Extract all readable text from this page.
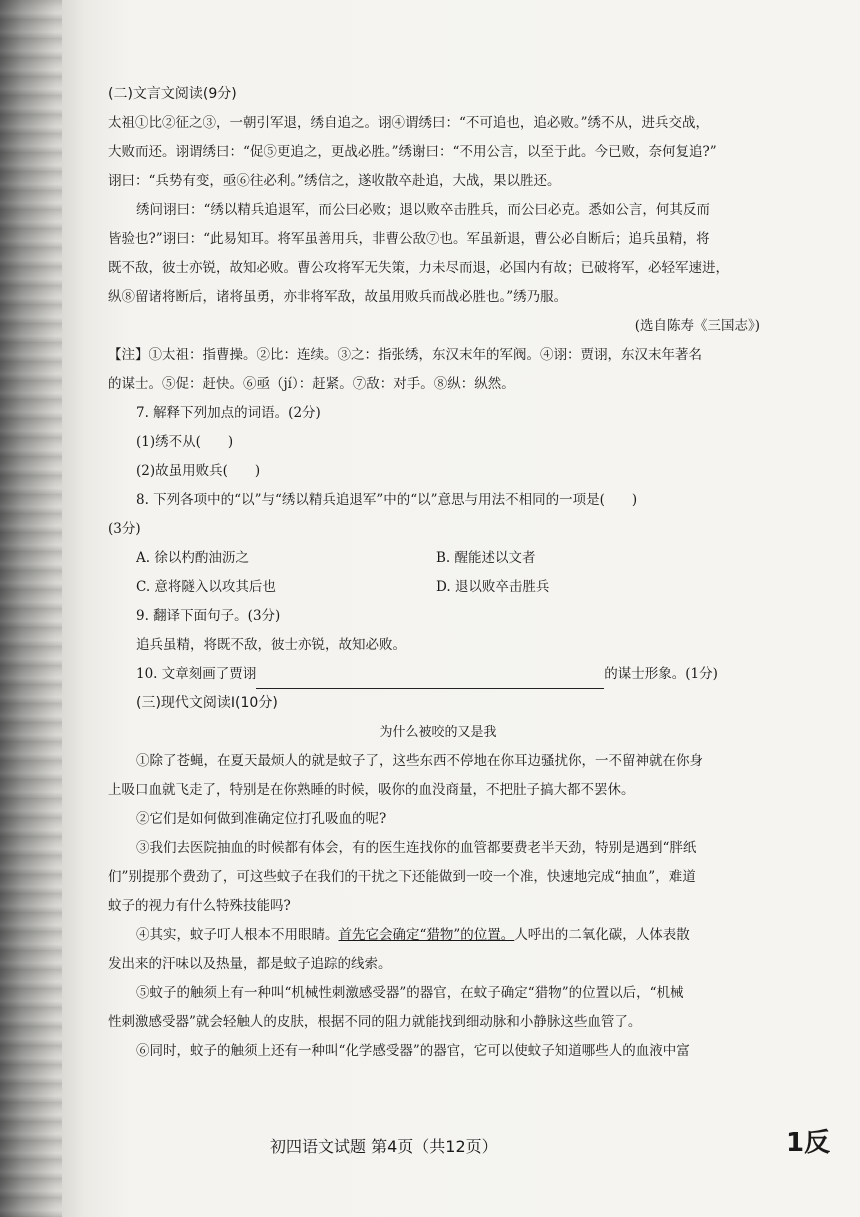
(二)文言文阅读(9分)
太祖①比②征之③，一朝引军退，绣自追之。诩④谓绣曰：“不可追也，追必败。”绣不从，进兵交战，
大败而还。诩谓绣曰：“促⑤更追之，更战必胜。”绣谢曰：“不用公言，以至于此。今已败，奈何复追?”
诩曰：“兵势有变，亟⑥往必利。”绣信之，遂收散卒赴追，大战，果以胜还。
绣问诩曰：“绣以精兵追退军，而公曰必败；退以败卒击胜兵，而公曰必克。悉如公言，何其反而
皆验也?”诩曰：“此易知耳。将军虽善用兵，非曹公敌⑦也。军虽新退，曹公必自断后；追兵虽精，将
既不敌，彼士亦锐，故知必败。曹公攻将军无失策，力未尽而退，必国内有故；已破将军，必轻军速进，
纵⑧留诸将断后，诸将虽勇，亦非将军敌，故虽用败兵而战必胜也。”绣乃服。
(选自陈寿《三国志》)
【注】①太祖：指曹操。②比：连续。③之：指张绣，东汉末年的军阀。④诩：贾诩，东汉末年著名
的谋士。⑤促：赶快。⑥亟（jí）：赶紧。⑦敌：对手。⑧纵：纵然。
7. 解释下列加点的词语。(2分)
(1)绣不从(　　)
(2)故虽用败兵(　　)
8. 下列各项中的“以”与“绣以精兵追退军”中的“以”意思与用法不相同的一项是(　　)
(3分)
A. 徐以杓酌油沥之	B. 醒能述以文者
C. 意将隧入以攻其后也	D. 退以败卒击胜兵
9. 翻译下面句子。(3分)
追兵虽精，将既不敌，彼士亦锐，故知必败。
10. 文章刻画了贾诩	的谋士形象。(1分)
(三)现代文阅读Ⅰ(10分)
为什么被咬的又是我
①除了苍蝇，在夏天最烦人的就是蚊子了，这些东西不停地在你耳边骚扰你，一不留神就在你身
上吸口血就飞走了，特别是在你熟睡的时候，吸你的血没商量，不把肚子搞大都不罢休。
②它们是如何做到准确定位打孔吸血的呢?
③我们去医院抽血的时候都有体会，有的医生连找你的血管都要费老半天劲，特别是遇到“胖纸
们”别提那个费劲了，可这些蚊子在我们的干扰之下还能做到一咬一个准，快速地完成“抽血”，难道
蚊子的视力有什么特殊技能吗?
④其实，蚊子叮人根本不用眼睛。首先它会确定“猎物”的位置。人呼出的二氧化碳，人体表散
发出来的汗味以及热量，都是蚊子追踪的线索。
⑤蚊子的触须上有一种叫“机械性刺激感受器”的器官，在蚊子确定“猎物”的位置以后，“机械
性刺激感受器”就会轻触人的皮肤，根据不同的阻力就能找到细动脉和小静脉这些血管了。
⑥同时，蚊子的触须上还有一种叫“化学感受器”的器官，它可以使蚊子知道哪些人的血液中富
初四语文试题 第4页（共12页）	1反
